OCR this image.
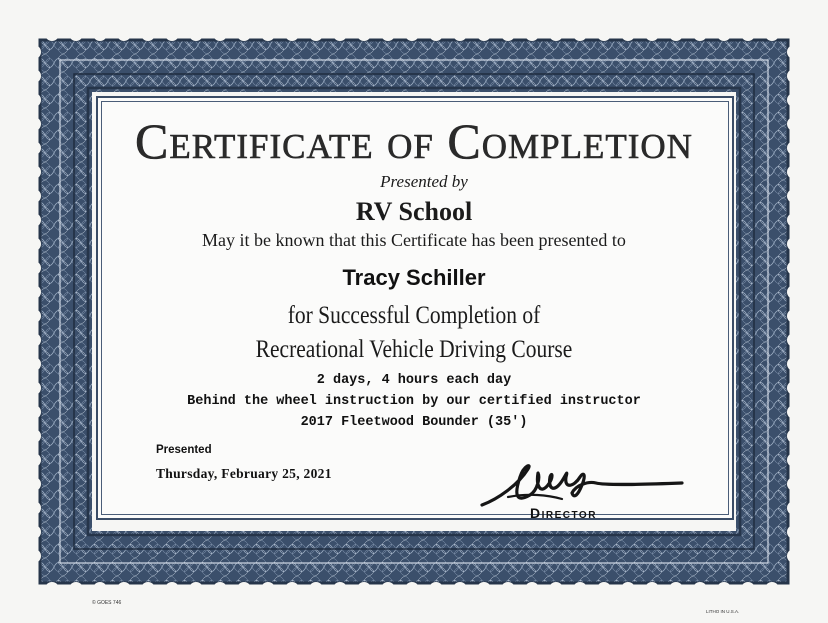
Certificate of Completion
Presented by
RV School
May it be known that this Certificate has been presented to
Tracy Schiller
for Successful Completion of
Recreational Vehicle Driving Course
2 days, 4 hours each day
Behind the wheel instruction by our certified instructor
2017 Fleetwood Bounder (35')
Presented
Thursday, February 25, 2021
Director
© GOES 746
LITHO IN U.S.A.
